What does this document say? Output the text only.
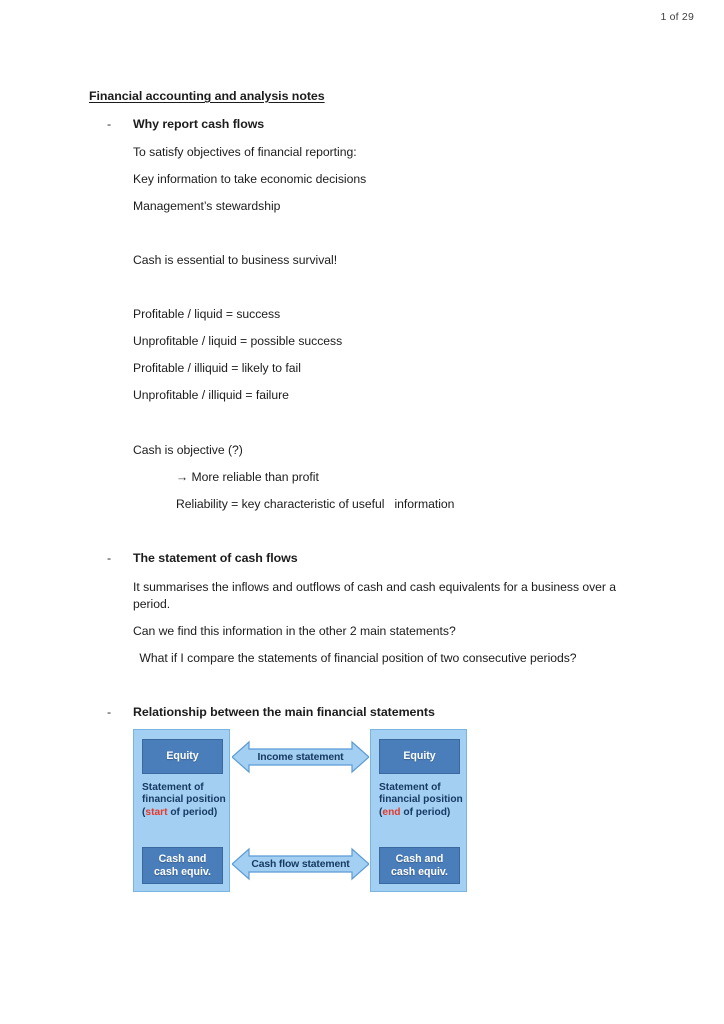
1 of 29
Financial accounting and analysis notes
- Why report cash flows
To satisfy objectives of financial reporting:
Key information to take economic decisions
Management’s stewardship
Cash is essential to business survival!
Profitable / liquid = success
Unprofitable / liquid = possible success
Profitable / illiquid = likely to fail
Unprofitable / illiquid = failure
Cash is objective (?)
→ More reliable than profit
Reliability = key characteristic of useful   information
- The statement of cash flows
It summarises the inflows and outflows of cash and cash equivalents for a business over a period.
Can we find this information in the other 2 main statements?
What if I compare the statements of financial position of two consecutive periods?
- Relationship between the main financial statements
Equity
Statement of
financial position
(start of period)
Cash and
cash equiv.
Equity
Statement of
financial position
(end of period)
Cash and
cash equiv.
Income statement
Cash flow statement
